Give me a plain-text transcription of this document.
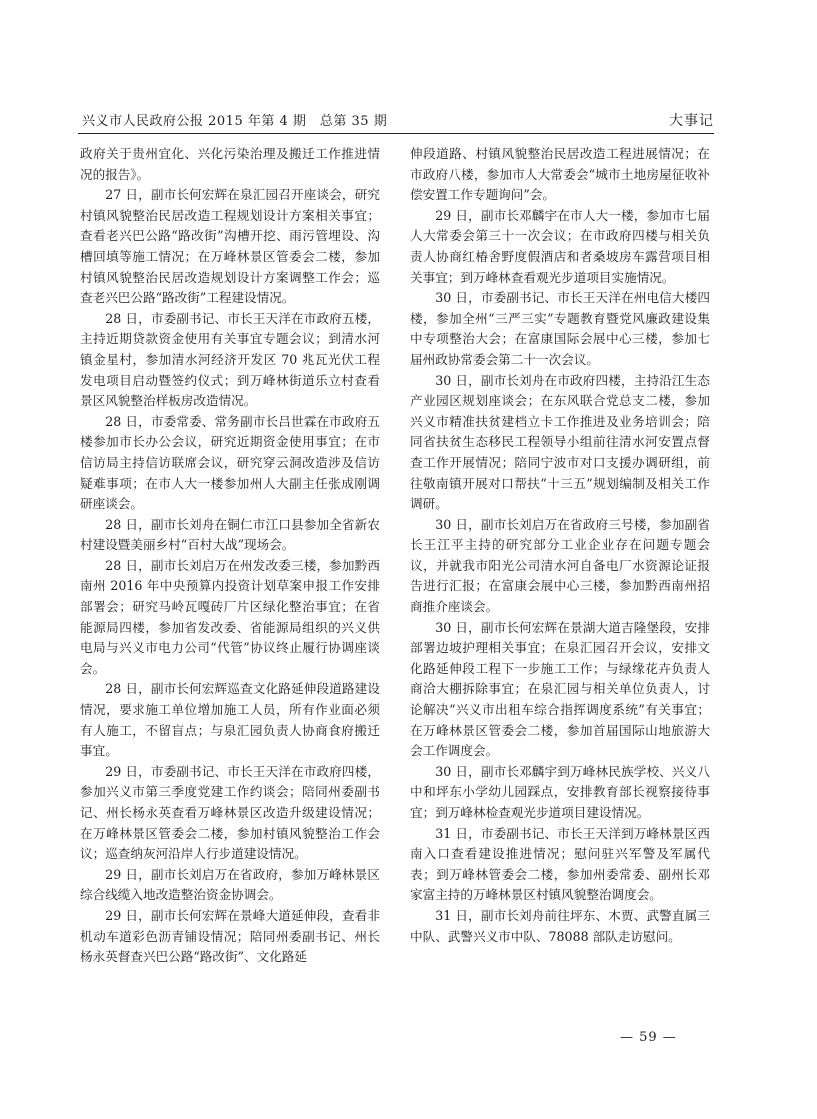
兴义市人民政府公报 2015 年第 4 期　总第 35 期	大事记

政府关于贵州宜化、兴化污染治理及搬迁工作推进情况的报告》。

27 日，副市长何宏辉在泉汇园召开座谈会，研究村镇风貌整治民居改造工程规划设计方案相关事宜；查看老兴巴公路“路改街”沟槽开挖、雨污管埋设、沟槽回填等施工情况；在万峰林景区管委会二楼，参加村镇风貌整治民居改造规划设计方案调整工作会；巡查老兴巴公路“路改街”工程建设情况。

28 日，市委副书记、市长王天洋在市政府五楼，主持近期贷款资金使用有关事宜专题会议；到清水河镇金星村，参加清水河经济开发区 70 兆瓦光伏工程发电项目启动暨签约仪式；到万峰林街道乐立村查看景区风貌整治样板房改造情况。

28 日，市委常委、常务副市长吕世霖在市政府五楼参加市长办公会议，研究近期资金使用事宜；在市信访局主持信访联席会议，研究穿云洞改造涉及信访疑难事项；在市人大一楼参加州人大副主任张成刚调研座谈会。

28 日，副市长刘舟在铜仁市江口县参加全省新农村建设暨美丽乡村“百村大战”现场会。

28 日，副市长刘启万在州发改委三楼，参加黔西南州 2016 年中央预算内投资计划草案申报工作安排部署会；研究马岭瓦嘎砖厂片区绿化整治事宜；在省能源局四楼，参加省发改委、省能源局组织的兴义供电局与兴义市电力公司“代管”协议终止履行协调座谈会。

28 日，副市长何宏辉巡查文化路延伸段道路建设情况，要求施工单位增加施工人员，所有作业面必须有人施工，不留盲点；与泉汇园负责人协商食府搬迁事宜。

29 日，市委副书记、市长王天洋在市政府四楼，参加兴义市第三季度党建工作约谈会；陪同州委副书记、州长杨永英查看万峰林景区改造升级建设情况；在万峰林景区管委会二楼，参加村镇风貌整治工作会议；巡查纳灰河沿岸人行步道建设情况。

29 日，副市长刘启万在省政府，参加万峰林景区综合线缆入地改造整治资金协调会。

29 日，副市长何宏辉在景峰大道延伸段，查看非机动车道彩色沥青铺设情况；陪同州委副书记、州长杨永英督查兴巴公路“路改街”、文化路延

伸段道路、村镇风貌整治民居改造工程进展情况；在市政府八楼，参加市人大常委会“城市土地房屋征收补偿安置工作专题询问”会。

29 日，副市长邓麟宇在市人大一楼，参加市七届人大常委会第三十一次会议；在市政府四楼与相关负责人协商红椿舍野度假酒店和者桑坡房车露营项目相关事宜；到万峰林查看观光步道项目实施情况。

30 日，市委副书记、市长王天洋在州电信大楼四楼，参加全州“三严三实”专题教育暨党风廉政建设集中专项整治大会；在富康国际会展中心三楼，参加七届州政协常委会第二十一次会议。

30 日，副市长刘舟在市政府四楼，主持沿江生态产业园区规划座谈会；在东风联合党总支二楼，参加兴义市精准扶贫建档立卡工作推进及业务培训会；陪同省扶贫生态移民工程领导小组前往清水河安置点督查工作开展情况；陪同宁波市对口支援办调研组，前往敬南镇开展对口帮扶“十三五”规划编制及相关工作调研。

30 日，副市长刘启万在省政府三号楼，参加副省长王江平主持的研究部分工业企业存在问题专题会议，并就我市阳光公司清水河自备电厂水资源论证报告进行汇报；在富康会展中心三楼，参加黔西南州招商推介座谈会。

30 日，副市长何宏辉在景湖大道吉隆堡段，安排部署边坡护理相关事宜；在泉汇园召开会议，安排文化路延伸段工程下一步施工工作；与绿缘花卉负责人商洽大棚拆除事宜；在泉汇园与相关单位负责人，讨论解决“兴义市出租车综合指挥调度系统”有关事宜；在万峰林景区管委会二楼，参加首届国际山地旅游大会工作调度会。

30 日，副市长邓麟宇到万峰林民族学校、兴义八中和坪东小学幼儿园踩点，安排教育部长视察接待事宜；到万峰林检查观光步道项目建设情况。

31 日，市委副书记、市长王天洋到万峰林景区西南入口查看建设推进情况；慰问驻兴军警及军属代表；到万峰林管委会二楼，参加州委常委、副州长邓家富主持的万峰林景区村镇风貌整治调度会。

31 日，副市长刘舟前往坪东、木贾、武警直属三中队、武警兴义市中队、78088 部队走访慰问。

— 59 —
